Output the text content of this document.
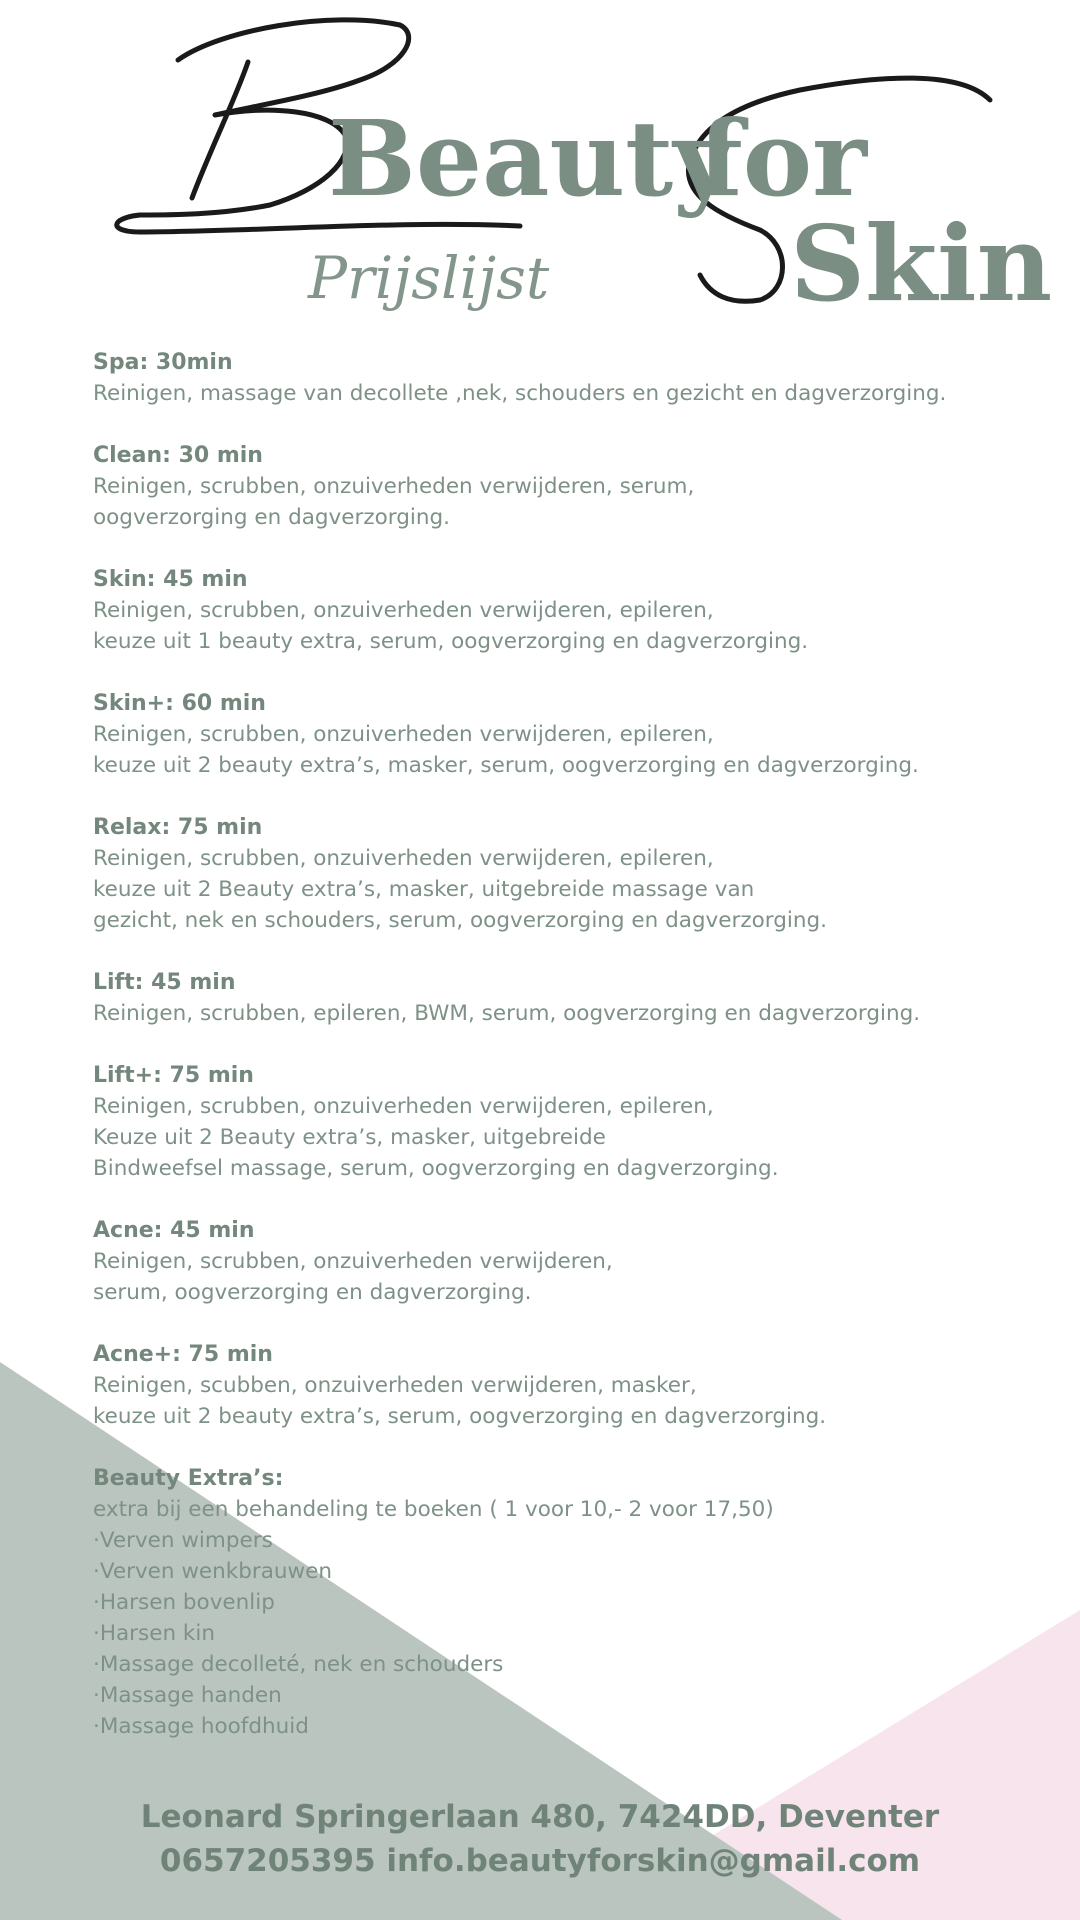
Beauty
for
Skin
Prijslijst
Spa: 30min
Reinigen, massage van decollete ,nek, schouders en gezicht en dagverzorging.
Clean: 30 min
Reinigen, scrubben, onzuiverheden verwijderen, serum,
oogverzorging en dagverzorging.
Skin: 45 min
Reinigen, scrubben, onzuiverheden verwijderen, epileren,
keuze uit 1 beauty extra, serum, oogverzorging en dagverzorging.
Skin+: 60 min
Reinigen, scrubben, onzuiverheden verwijderen, epileren,
keuze uit 2 beauty extra’s, masker, serum, oogverzorging en dagverzorging.
Relax: 75 min
Reinigen, scrubben, onzuiverheden verwijderen, epileren,
keuze uit 2 Beauty extra’s, masker, uitgebreide massage van
gezicht, nek en schouders, serum, oogverzorging en dagverzorging.
Lift: 45 min
Reinigen, scrubben, epileren, BWM, serum, oogverzorging en dagverzorging.
Lift+: 75 min
Reinigen, scrubben, onzuiverheden verwijderen, epileren,
Keuze uit 2 Beauty extra’s, masker, uitgebreide
Bindweefsel massage, serum, oogverzorging en dagverzorging.
Acne: 45 min
Reinigen, scrubben, onzuiverheden verwijderen,
serum, oogverzorging en dagverzorging.
Acne+: 75 min
Reinigen, scubben, onzuiverheden verwijderen, masker,
keuze uit 2 beauty extra’s, serum, oogverzorging en dagverzorging.
Beauty Extra’s:
extra bij een behandeling te boeken ( 1 voor 10,- 2 voor 17,50)
·Verven wimpers
·Verven wenkbrauwen
·Harsen bovenlip
·Harsen kin
·Massage decolleté, nek en schouders
·Massage handen
·Massage hoofdhuid
Leonard Springerlaan 480, 7424DD, Deventer
0657205395 info.beautyforskin@gmail.com
